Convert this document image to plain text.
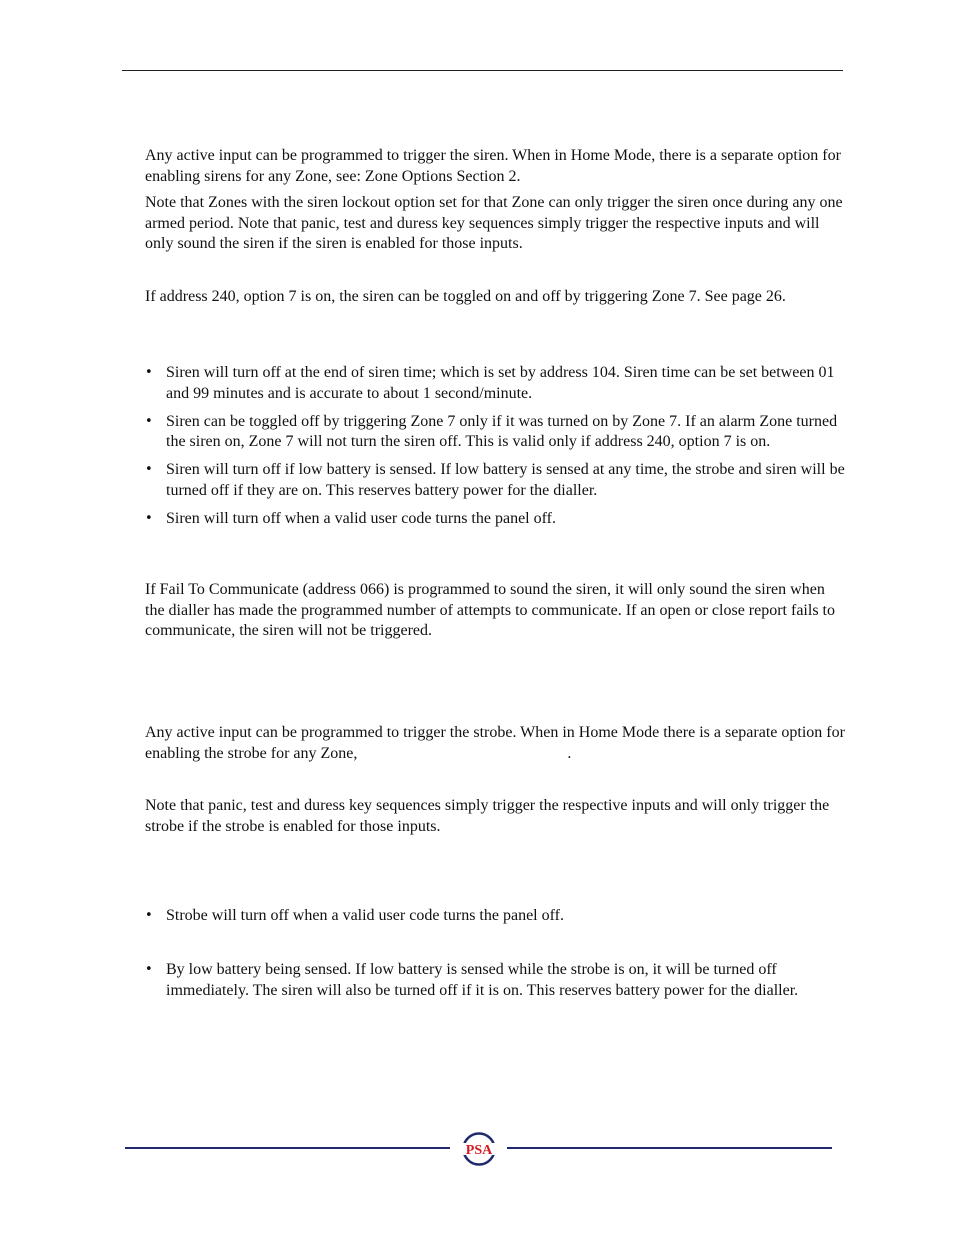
Any active input can be programmed to trigger the siren. When in Home Mode, there is a separate option for enabling sirens for any Zone, see: Zone Options Section 2.

Note that Zones with the siren lockout option set for that Zone can only trigger the siren once during any one armed period. Note that panic, test and duress key sequences simply trigger the respective inputs and will only sound the siren if the siren is enabled for those inputs.

If address 240, option 7 is on, the siren can be toggled on and off by triggering Zone 7. See page 26.

• Siren will turn off at the end of siren time; which is set by address 104. Siren time can be set between 01 and 99 minutes and is accurate to about 1 second/minute.
• Siren can be toggled off by triggering Zone 7 only if it was turned on by Zone 7. If an alarm Zone turned the siren on, Zone 7 will not turn the siren off. This is valid only if address 240, option 7 is on.
• Siren will turn off if low battery is sensed. If low battery is sensed at any time, the strobe and siren will be turned off if they are on. This reserves battery power for the dialler.
• Siren will turn off when a valid user code turns the panel off.

If Fail To Communicate (address 066) is programmed to sound the siren, it will only sound the siren when the dialler has made the programmed number of attempts to communicate. If an open or close report fails to communicate, the siren will not be triggered.

Any active input can be programmed to trigger the strobe. When in Home Mode there is a separate option for enabling the strobe for any Zone,	.

Note that panic, test and duress key sequences simply trigger the respective inputs and will only trigger the strobe if the strobe is enabled for those inputs.

• Strobe will turn off when a valid user code turns the panel off.
• By low battery being sensed. If low battery is sensed while the strobe is on, it will be turned off immediately. The siren will also be turned off if it is on. This reserves battery power for the dialler.
PSA
